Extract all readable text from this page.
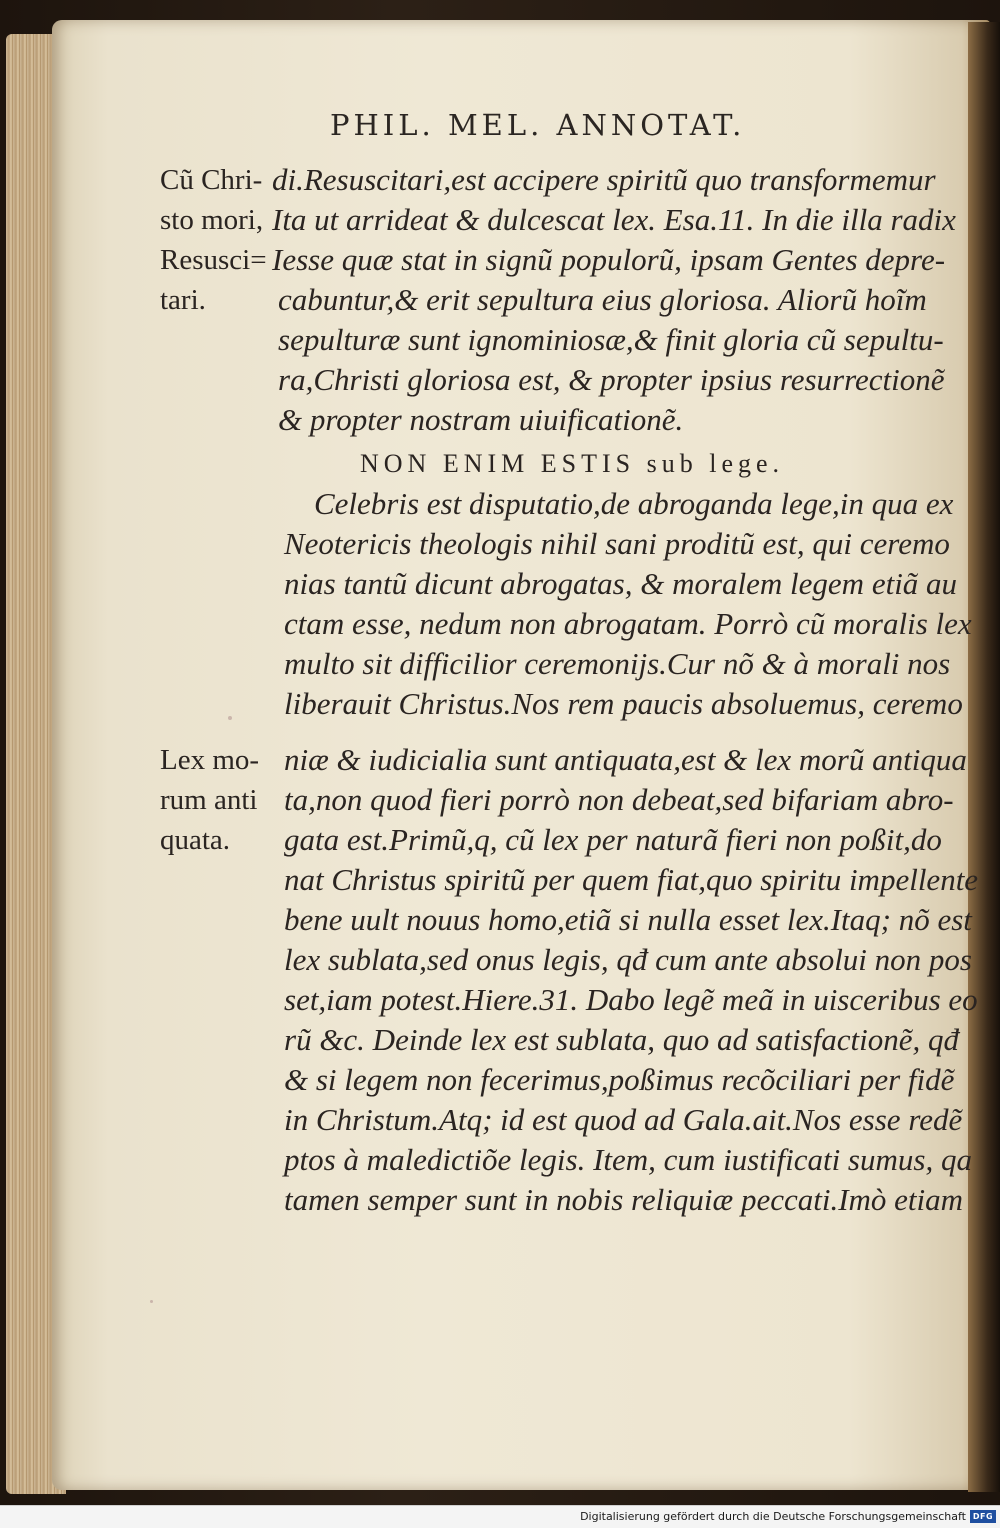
PHIL. MEL. ANNOTAT.
Cũ Chri-
sto mori,
Resusci=
tari.
Lex mo-
rum anti
quata.
di.Resuscitari,est accipere spiritũ quo transformemur
Ita ut arrideat & dulcescat lex. Esa.11. In die illa radix
Iesse quæ stat in signũ populorũ, ipsam Gentes depre-
cabuntur,& erit sepultura eius gloriosa. Aliorũ hoĩm
sepulturæ sunt ignominiosæ,& finit gloria cũ sepultu-
ra,Christi gloriosa est, & propter ipsius resurrectionẽ
& propter nostram uiuificationẽ.
NON ENIM ESTIS sub lege.
Celebris est disputatio,de abroganda lege,in qua ex
Neotericis theologis nihil sani proditũ est, qui ceremo
nias tantũ dicunt abrogatas, & moralem legem etiã au
ctam esse, nedum non abrogatam. Porrò cũ moralis lex
multo sit difficilior ceremonijs.Cur nõ & à morali nos
liberauit Christus.Nos rem paucis absoluemus, ceremo
niæ & iudicialia sunt antiquata,est & lex morũ antiqua
ta,non quod fieri porrò non debeat,sed bifariam abro-
gata est.Primũ,q, cũ lex per naturã fieri non poßit,do
nat Christus spiritũ per quem fiat,quo spiritu impellente
bene uult nouus homo,etiã si nulla esset lex.Itaq; nõ est
lex sublata,sed onus legis, qđ cum ante absolui non pos
set,iam potest.Hiere.31. Dabo legẽ meã in uisceribus eo
rũ &c. Deinde lex est sublata, quo ad satisfactionẽ, qđ
& si legem non fecerimus,poßimus recõciliari per fidẽ
in Christum.Atq; id est quod ad Gala.ait.Nos esse redẽ
ptos à maledictiõe legis. Item, cum iustificati sumus, qa
tamen semper sunt in nobis reliquiæ peccati.Imò etiam
Digitalisierung gefördert durch die Deutsche Forschungsgemeinschaft DFG
